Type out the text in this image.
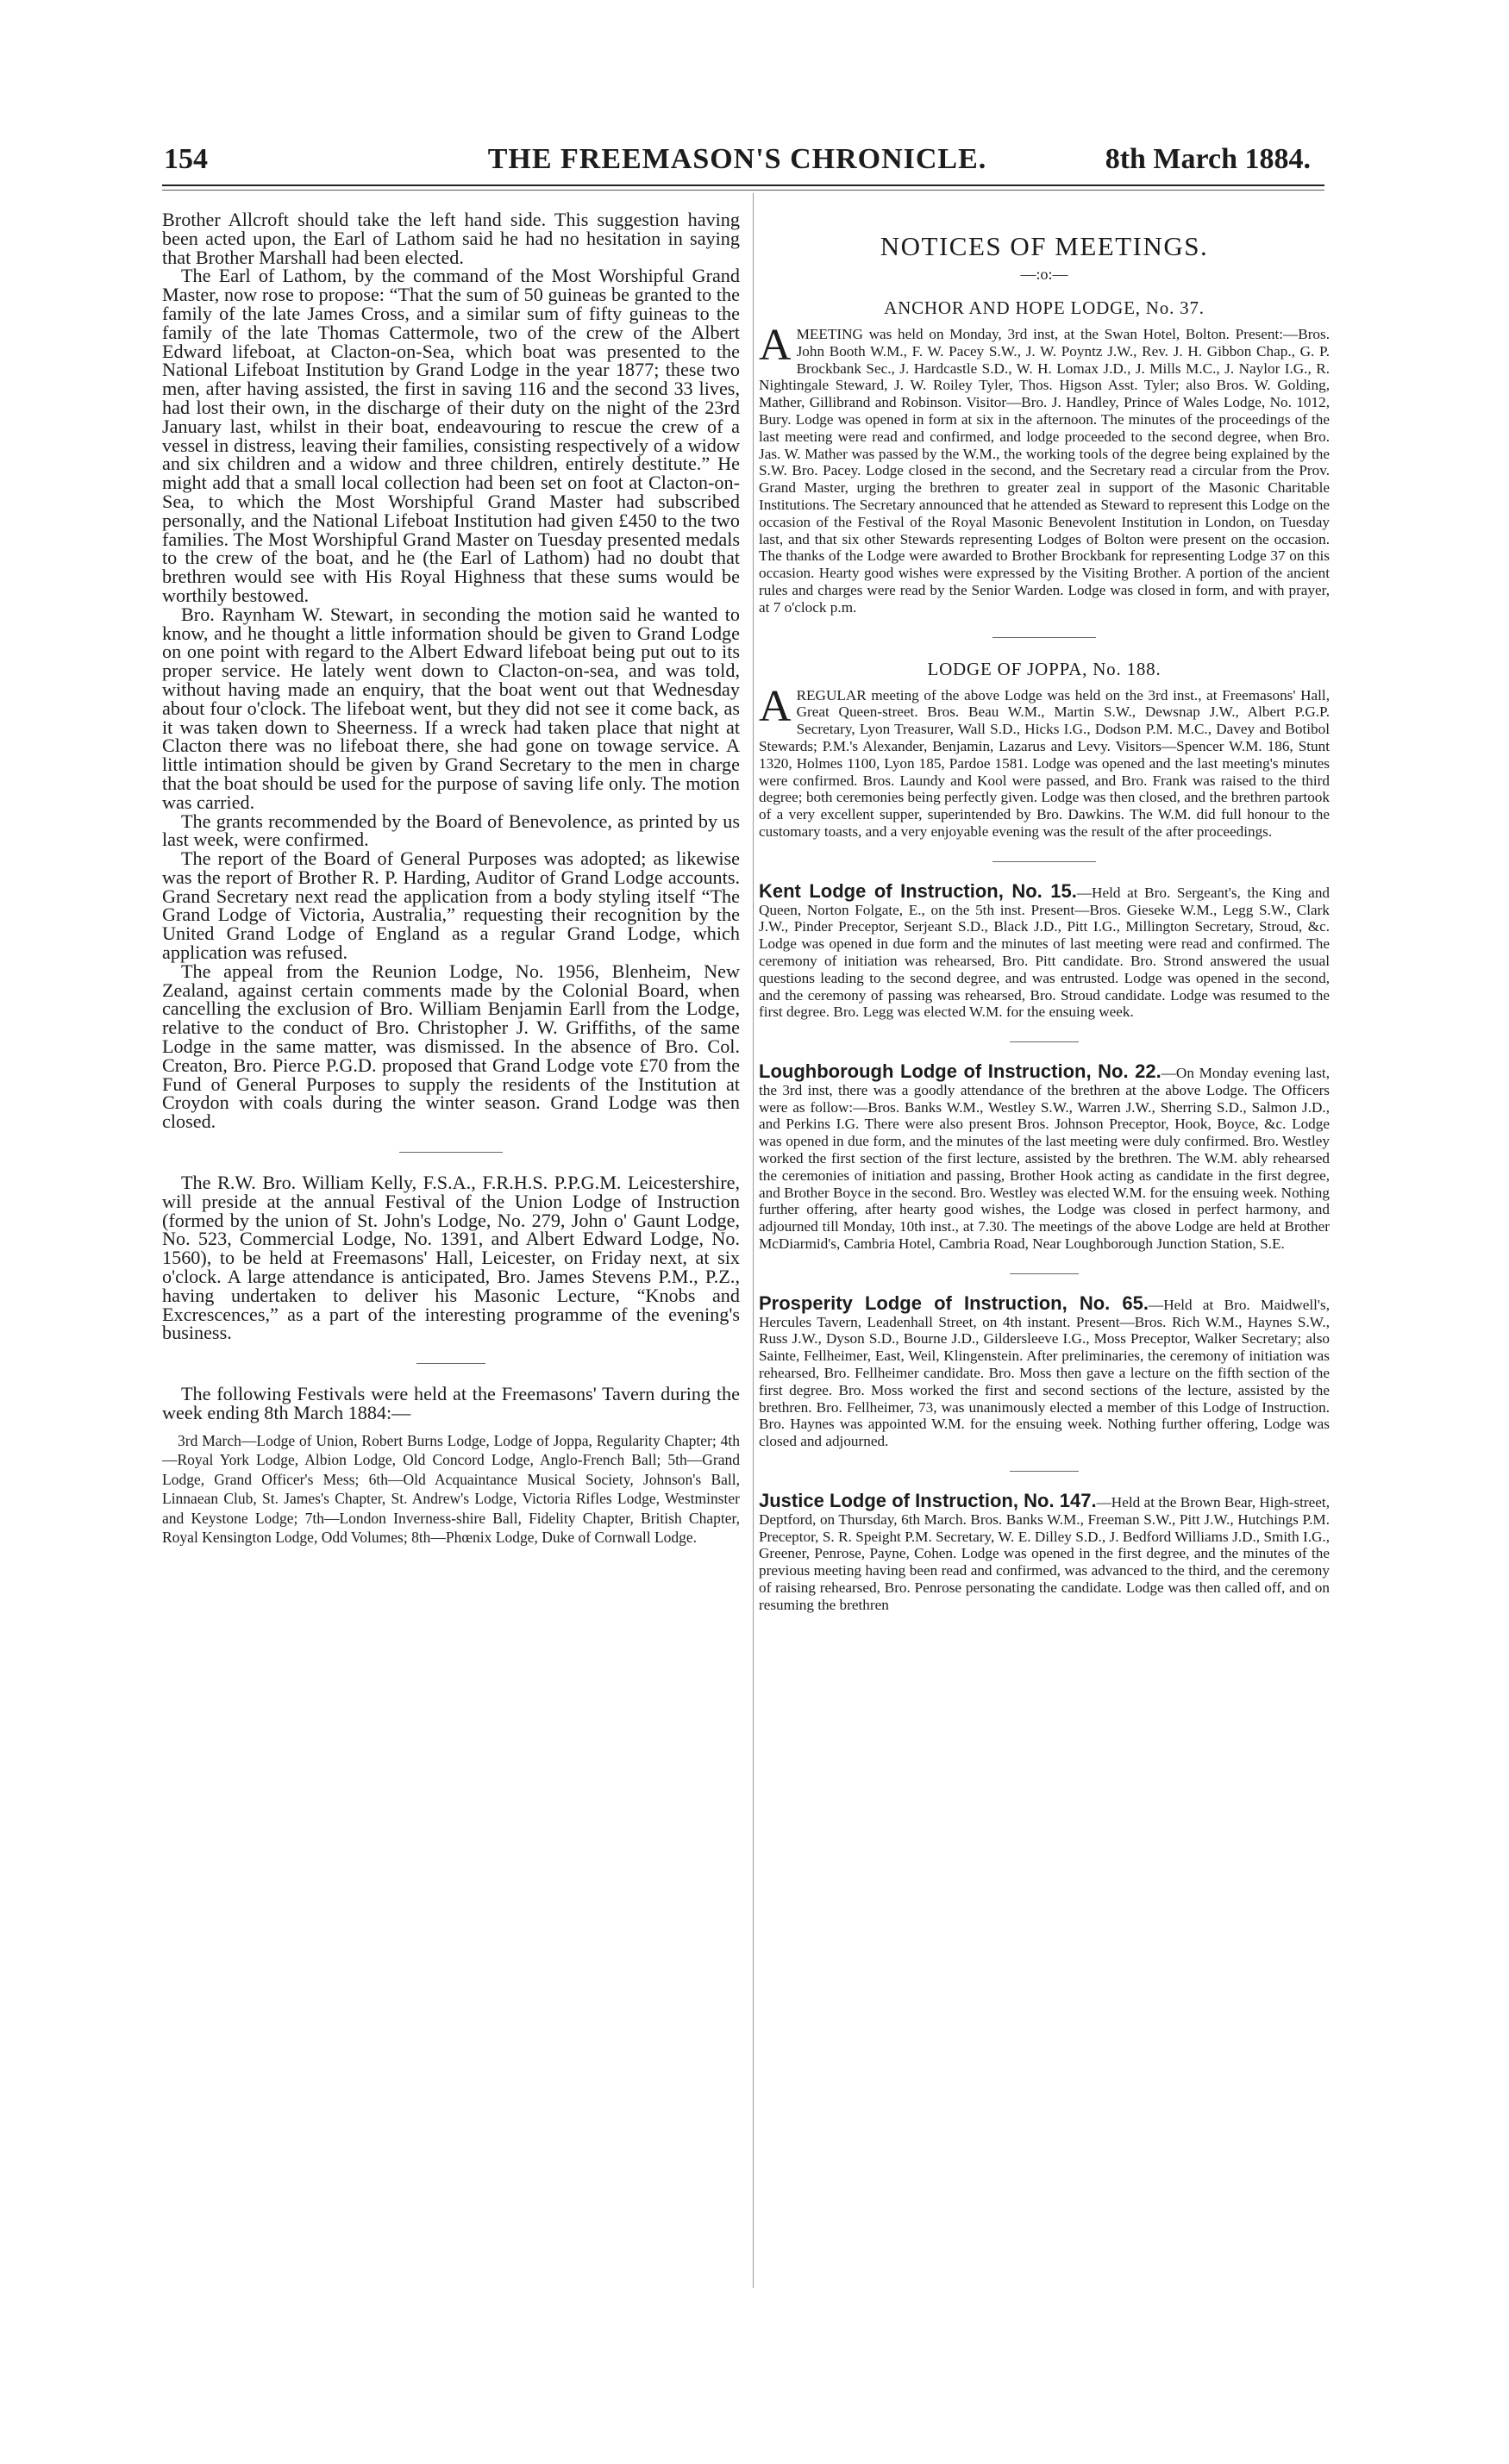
154	THE FREEMASON'S CHRONICLE.	8th March 1884.

Brother Allcroft should take the left hand side. This suggestion having been acted upon, the Earl of Lathom said he had no hesitation in saying that Brother Marshall had been elected.

The Earl of Lathom, by the command of the Most Worshipful Grand Master, now rose to propose: “That the sum of 50 guineas be granted to the family of the late James Cross, and a similar sum of fifty guineas to the family of the late Thomas Cattermole, two of the crew of the Albert Edward lifeboat, at Clacton-on-Sea, which boat was presented to the National Lifeboat Institution by Grand Lodge in the year 1877; these two men, after having assisted, the first in saving 116 and the second 33 lives, had lost their own, in the discharge of their duty on the night of the 23rd January last, whilst in their boat, endeavouring to rescue the crew of a vessel in distress, leaving their families, consisting respectively of a widow and six children and a widow and three children, entirely destitute.” He might add that a small local collection had been set on foot at Clacton-on-Sea, to which the Most Worshipful Grand Master had subscribed personally, and the National Lifeboat Institution had given £450 to the two families. The Most Worshipful Grand Master on Tuesday presented medals to the crew of the boat, and he (the Earl of Lathom) had no doubt that brethren would see with His Royal Highness that these sums would be worthily bestowed.

Bro. Raynham W. Stewart, in seconding the motion said he wanted to know, and he thought a little information should be given to Grand Lodge on one point with regard to the Albert Edward lifeboat being put out to its proper service. He lately went down to Clacton-on-sea, and was told, without having made an enquiry, that the boat went out that Wednesday about four o'clock. The lifeboat went, but they did not see it come back, as it was taken down to Sheerness. If a wreck had taken place that night at Clacton there was no lifeboat there, she had gone on towage service. A little intimation should be given by Grand Secretary to the men in charge that the boat should be used for the purpose of saving life only. The motion was carried.

The grants recommended by the Board of Benevolence, as printed by us last week, were confirmed.

The report of the Board of General Purposes was adopted; as likewise was the report of Brother R. P. Harding, Auditor of Grand Lodge accounts. Grand Secretary next read the application from a body styling itself “The Grand Lodge of Victoria, Australia,” requesting their recognition by the United Grand Lodge of England as a regular Grand Lodge, which application was refused.

The appeal from the Reunion Lodge, No. 1956, Blenheim, New Zealand, against certain comments made by the Colonial Board, when cancelling the exclusion of Bro. William Benjamin Earll from the Lodge, relative to the conduct of Bro. Christopher J. W. Griffiths, of the same Lodge in the same matter, was dismissed. In the absence of Bro. Col. Creaton, Bro. Pierce P.G.D. proposed that Grand Lodge vote £70 from the Fund of General Purposes to supply the residents of the Institution at Croydon with coals during the winter season. Grand Lodge was then closed.

The R.W. Bro. William Kelly, F.S.A., F.R.H.S. P.P.G.M. Leicestershire, will preside at the annual Festival of the Union Lodge of Instruction (formed by the union of St. John's Lodge, No. 279, John o' Gaunt Lodge, No. 523, Commercial Lodge, No. 1391, and Albert Edward Lodge, No. 1560), to be held at Freemasons' Hall, Leicester, on Friday next, at six o'clock. A large attendance is anticipated, Bro. James Stevens P.M., P.Z., having undertaken to deliver his Masonic Lecture, “Knobs and Excrescences,” as a part of the interesting programme of the evening's business.

The following Festivals were held at the Freemasons' Tavern during the week ending 8th March 1884:—

3rd March—Lodge of Union, Robert Burns Lodge, Lodge of Joppa, Regularity Chapter; 4th—Royal York Lodge, Albion Lodge, Old Concord Lodge, Anglo-French Ball; 5th—Grand Lodge, Grand Officer's Mess; 6th—Old Acquaintance Musical Society, Johnson's Ball, Linnaean Club, St. James's Chapter, St. Andrew's Lodge, Victoria Rifles Lodge, Westminster and Keystone Lodge; 7th—London Inverness-shire Ball, Fidelity Chapter, British Chapter, Royal Kensington Lodge, Odd Volumes; 8th—Phœnix Lodge, Duke of Cornwall Lodge.

NOTICES OF MEETINGS.
—:o:—
ANCHOR AND HOPE LODGE, No. 37.

AMEETING was held on Monday, 3rd inst, at the Swan Hotel, Bolton. Present:—Bros. John Booth W.M., F. W. Pacey S.W., J. W. Poyntz J.W., Rev. J. H. Gibbon Chap., G. P. Brockbank Sec., J. Hardcastle S.D., W. H. Lomax J.D., J. Mills M.C., J. Naylor I.G., R. Nightingale Steward, J. W. Roiley Tyler, Thos. Higson Asst. Tyler; also Bros. W. Golding, Mather, Gillibrand and Robinson. Visitor—Bro. J. Handley, Prince of Wales Lodge, No. 1012, Bury. Lodge was opened in form at six in the afternoon. The minutes of the proceedings of the last meeting were read and confirmed, and lodge proceeded to the second degree, when Bro. Jas. W. Mather was passed by the W.M., the working tools of the degree being explained by the S.W. Bro. Pacey. Lodge closed in the second, and the Secretary read a circular from the Prov. Grand Master, urging the brethren to greater zeal in support of the Masonic Charitable Institutions. The Secretary announced that he attended as Steward to represent this Lodge on the occasion of the Festival of the Royal Masonic Benevolent Institution in London, on Tuesday last, and that six other Stewards representing Lodges of Bolton were present on the occasion. The thanks of the Lodge were awarded to Brother Brockbank for representing Lodge 37 on this occasion. Hearty good wishes were expressed by the Visiting Brother. A portion of the ancient rules and charges were read by the Senior Warden. Lodge was closed in form, and with prayer, at 7 o'clock p.m.

LODGE OF JOPPA, No. 188.

AREGULAR meeting of the above Lodge was held on the 3rd inst., at Freemasons' Hall, Great Queen-street. Bros. Beau W.M., Martin S.W., Dewsnap J.W., Albert P.G.P. Secretary, Lyon Treasurer, Wall S.D., Hicks I.G., Dodson P.M. M.C., Davey and Botibol Stewards; P.M.'s Alexander, Benjamin, Lazarus and Levy. Visitors—Spencer W.M. 186, Stunt 1320, Holmes 1100, Lyon 185, Pardoe 1581. Lodge was opened and the last meeting's minutes were confirmed. Bros. Laundy and Kool were passed, and Bro. Frank was raised to the third degree; both ceremonies being perfectly given. Lodge was then closed, and the brethren partook of a very excellent supper, superintended by Bro. Dawkins. The W.M. did full honour to the customary toasts, and a very enjoyable evening was the result of the after proceedings.

Kent Lodge of Instruction, No. 15.—Held at Bro. Sergeant's, the King and Queen, Norton Folgate, E., on the 5th inst. Present—Bros. Gieseke W.M., Legg S.W., Clark J.W., Pinder Preceptor, Serjeant S.D., Black J.D., Pitt I.G., Millington Secretary, Stroud, &c. Lodge was opened in due form and the minutes of last meeting were read and confirmed. The ceremony of initiation was rehearsed, Bro. Pitt candidate. Bro. Strond answered the usual questions leading to the second degree, and was entrusted. Lodge was opened in the second, and the ceremony of passing was rehearsed, Bro. Stroud candidate. Lodge was resumed to the first degree. Bro. Legg was elected W.M. for the ensuing week.

Loughborough Lodge of Instruction, No. 22.—On Monday evening last, the 3rd inst, there was a goodly attendance of the brethren at the above Lodge. The Officers were as follow:—Bros. Banks W.M., Westley S.W., Warren J.W., Sherring S.D., Salmon J.D., and Perkins I.G. There were also present Bros. Johnson Preceptor, Hook, Boyce, &c. Lodge was opened in due form, and the minutes of the last meeting were duly confirmed. Bro. Westley worked the first section of the first lecture, assisted by the brethren. The W.M. ably rehearsed the ceremonies of initiation and passing, Brother Hook acting as candidate in the first degree, and Brother Boyce in the second. Bro. Westley was elected W.M. for the ensuing week. Nothing further offering, after hearty good wishes, the Lodge was closed in perfect harmony, and adjourned till Monday, 10th inst., at 7.30. The meetings of the above Lodge are held at Brother McDiarmid's, Cambria Hotel, Cambria Road, Near Loughborough Junction Station, S.E.

Prosperity Lodge of Instruction, No. 65.—Held at Bro. Maidwell's, Hercules Tavern, Leadenhall Street, on 4th instant. Present—Bros. Rich W.M., Haynes S.W., Russ J.W., Dyson S.D., Bourne J.D., Gildersleeve I.G., Moss Preceptor, Walker Secretary; also Sainte, Fellheimer, East, Weil, Klingenstein. After preliminaries, the ceremony of initiation was rehearsed, Bro. Fellheimer candidate. Bro. Moss then gave a lecture on the fifth section of the first degree. Bro. Moss worked the first and second sections of the lecture, assisted by the brethren. Bro. Fellheimer, 73, was unanimously elected a member of this Lodge of Instruction. Bro. Haynes was appointed W.M. for the ensuing week. Nothing further offering, Lodge was closed and adjourned.

Justice Lodge of Instruction, No. 147.—Held at the Brown Bear, High-street, Deptford, on Thursday, 6th March. Bros. Banks W.M., Freeman S.W., Pitt J.W., Hutchings P.M. Preceptor, S. R. Speight P.M. Secretary, W. E. Dilley S.D., J. Bedford Williams J.D., Smith I.G., Greener, Penrose, Payne, Cohen. Lodge was opened in the first degree, and the minutes of the previous meeting having been read and confirmed, was advanced to the third, and the ceremony of raising rehearsed, Bro. Penrose personating the candidate. Lodge was then called off, and on resuming the brethren
